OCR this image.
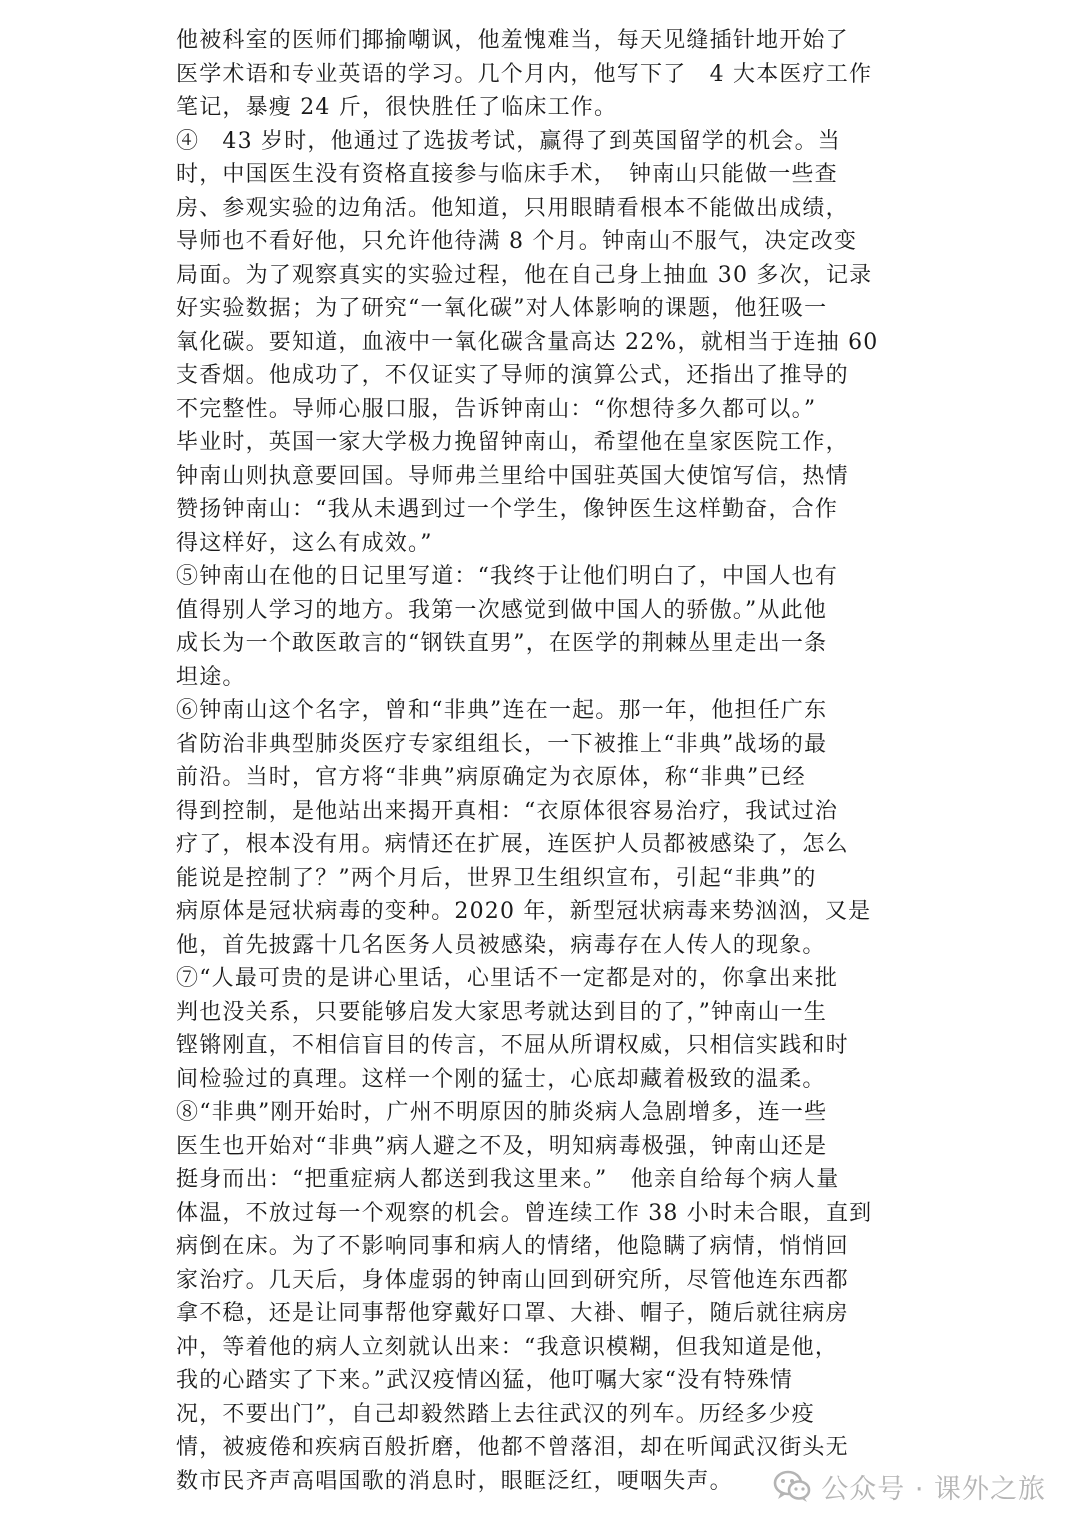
他被科室的医师们揶揄嘲讽，他羞愧难当，每天见缝插针地开始了
医学术语和专业英语的学习。几个月内，他写下了　4 大本医疗工作
笔记，暴瘦 24 斤，很快胜任了临床工作。
④　43 岁时，他通过了选拔考试，赢得了到英国留学的机会。当
时，中国医生没有资格直接参与临床手术，　钟南山只能做一些查
房、参观实验的边角活。他知道，只用眼睛看根本不能做出成绩，
导师也不看好他，只允许他待满 8 个月。钟南山不服气，决定改变
局面。为了观察真实的实验过程，他在自己身上抽血 30 多次，记录
好实验数据；为了研究“一氧化碳”对人体影响的课题，他狂吸一
氧化碳。要知道，血液中一氧化碳含量高达 22%，就相当于连抽 60
支香烟。他成功了，不仅证实了导师的演算公式，还指出了推导的
不完整性。导师心服口服，告诉钟南山：“你想待多久都可以。”
毕业时，英国一家大学极力挽留钟南山，希望他在皇家医院工作，
钟南山则执意要回国。导师弗兰里给中国驻英国大使馆写信，热情
赞扬钟南山：“我从未遇到过一个学生，像钟医生这样勤奋，合作
得这样好，这么有成效。”
⑤钟南山在他的日记里写道：“我终于让他们明白了，中国人也有
值得别人学习的地方。我第一次感觉到做中国人的骄傲。”从此他
成长为一个敢医敢言的“钢铁直男”，在医学的荆棘丛里走出一条
坦途。
⑥钟南山这个名字，曾和“非典”连在一起。那一年，他担任广东
省防治非典型肺炎医疗专家组组长，一下被推上“非典”战场的最
前沿。当时，官方将“非典”病原确定为衣原体，称“非典”已经
得到控制，是他站出来揭开真相：“衣原体很容易治疗，我试过治
疗了，根本没有用。病情还在扩展，连医护人员都被感染了，怎么
能说是控制了？”两个月后，世界卫生组织宣布，引起“非典”的
病原体是冠状病毒的变种。2020 年，新型冠状病毒来势汹汹，又是
他，首先披露十几名医务人员被感染，病毒存在人传人的现象。
⑦“人最可贵的是讲心里话，心里话不一定都是对的，你拿出来批
判也没关系，只要能够启发大家思考就达到目的了，”钟南山一生
铿锵刚直，不相信盲目的传言，不屈从所谓权威，只相信实践和时
间检验过的真理。这样一个刚的猛士，心底却藏着极致的温柔。
⑧“非典”刚开始时，广州不明原因的肺炎病人急剧增多，连一些
医生也开始对“非典”病人避之不及，明知病毒极强，钟南山还是
挺身而出：“把重症病人都送到我这里来。”　他亲自给每个病人量
体温，不放过每一个观察的机会。曾连续工作 38 小时未合眼，直到
病倒在床。为了不影响同事和病人的情绪，他隐瞒了病情，悄悄回
家治疗。几天后，身体虚弱的钟南山回到研究所，尽管他连东西都
拿不稳，还是让同事帮他穿戴好口罩、大褂、帽子，随后就往病房
冲，等着他的病人立刻就认出来：“我意识模糊，但我知道是他，
我的心踏实了下来。”武汉疫情凶猛，他叮嘱大家“没有特殊情
况，不要出门”，自己却毅然踏上去往武汉的列车。历经多少疫
情，被疲倦和疾病百般折磨，他都不曾落泪，却在听闻武汉街头无
数市民齐声高唱国歌的消息时，眼眶泛红，哽咽失声。	公众号 · 课外之旅
